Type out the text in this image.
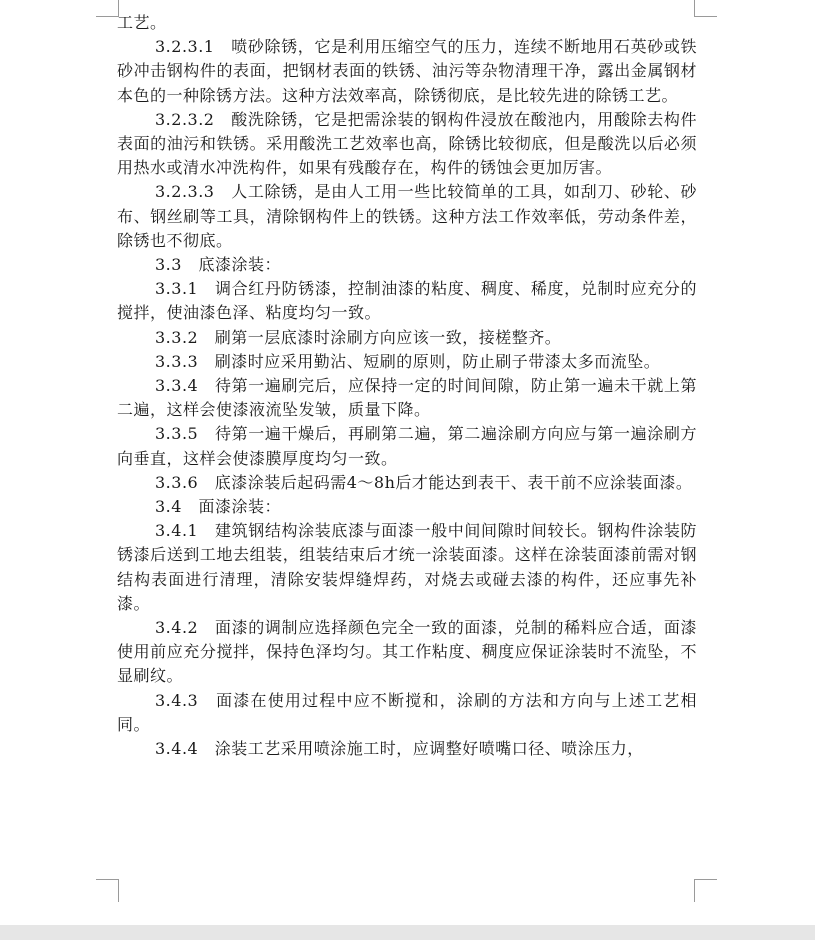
工艺。

3.2.3.1　喷砂除锈，它是利用压缩空气的压力，连续不断地用石英砂或铁砂冲击钢构件的表面，把钢材表面的铁锈、油污等杂物清理干净，露出金属钢材本色的一种除锈方法。这种方法效率高，除锈彻底，是比较先进的除锈工艺。

3.2.3.2　酸洗除锈，它是把需涂装的钢构件浸放在酸池内，用酸除去构件表面的油污和铁锈。采用酸洗工艺效率也高，除锈比较彻底，但是酸洗以后必须用热水或清水冲洗构件，如果有残酸存在，构件的锈蚀会更加厉害。

3.2.3.3　人工除锈，是由人工用一些比较简单的工具，如刮刀、砂轮、砂布、钢丝刷等工具，清除钢构件上的铁锈。这种方法工作效率低，劳动条件差，除锈也不彻底。

3.3　底漆涂装：

3.3.1　调合红丹防锈漆，控制油漆的粘度、稠度、稀度，兑制时应充分的搅拌，使油漆色泽、粘度均匀一致。

3.3.2　刷第一层底漆时涂刷方向应该一致，接槎整齐。

3.3.3　刷漆时应采用勤沾、短刷的原则，防止刷子带漆太多而流坠。

3.3.4　待第一遍刷完后，应保持一定的时间间隙，防止第一遍未干就上第二遍，这样会使漆液流坠发皱，质量下降。

3.3.5　待第一遍干燥后，再刷第二遍，第二遍涂刷方向应与第一遍涂刷方向垂直，这样会使漆膜厚度均匀一致。

3.3.6　底漆涂装后起码需4～8h后才能达到表干、表干前不应涂装面漆。

3.4　面漆涂装：

3.4.1　建筑钢结构涂装底漆与面漆一般中间间隙时间较长。钢构件涂装防锈漆后送到工地去组装，组装结束后才统一涂装面漆。这样在涂装面漆前需对钢结构表面进行清理，清除安装焊缝焊药，对烧去或碰去漆的构件，还应事先补漆。

3.4.2　面漆的调制应选择颜色完全一致的面漆，兑制的稀料应合适，面漆使用前应充分搅拌，保持色泽均匀。其工作粘度、稠度应保证涂装时不流坠，不显刷纹。

3.4.3　面漆在使用过程中应不断搅和，涂刷的方法和方向与上述工艺相同。

3.4.4　涂装工艺采用喷涂施工时，应调整好喷嘴口径、喷涂压力，
